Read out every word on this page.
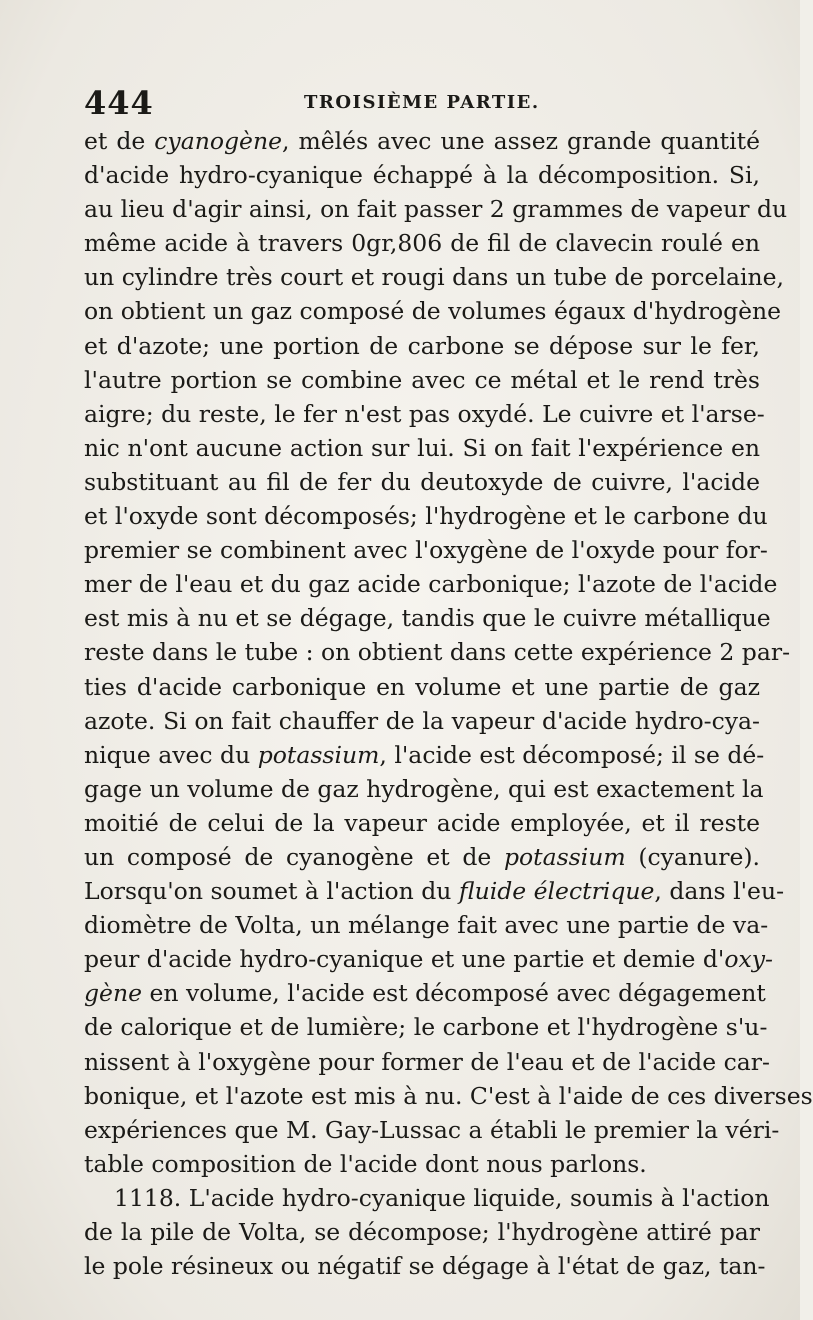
444	TROISIÈME PARTIE.
et de cyanogène, mêlés avec une assez grande quantité
d'acide hydro-cyanique échappé à la décomposition. Si,
au lieu d'agir ainsi, on fait passer 2 grammes de vapeur du
même acide à travers 0gr,806 de fil de clavecin roulé en
un cylindre très court et rougi dans un tube de porcelaine,
on obtient un gaz composé de volumes égaux d'hydrogène
et d'azote; une portion de carbone se dépose sur le fer,
l'autre portion se combine avec ce métal et le rend très
aigre; du reste, le fer n'est pas oxydé. Le cuivre et l'arse-
nic n'ont aucune action sur lui. Si on fait l'expérience en
substituant au fil de fer du deutoxyde de cuivre, l'acide
et l'oxyde sont décomposés; l'hydrogène et le carbone du
premier se combinent avec l'oxygène de l'oxyde pour for-
mer de l'eau et du gaz acide carbonique; l'azote de l'acide
est mis à nu et se dégage, tandis que le cuivre métallique
reste dans le tube : on obtient dans cette expérience 2 par-
ties d'acide carbonique en volume et une partie de gaz
azote. Si on fait chauffer de la vapeur d'acide hydro-cya-
nique avec du potassium, l'acide est décomposé; il se dé-
gage un volume de gaz hydrogène, qui est exactement la
moitié de celui de la vapeur acide employée, et il reste
un composé de cyanogène et de potassium (cyanure).
Lorsqu'on soumet à l'action du fluide électrique, dans l'eu-
diomètre de Volta, un mélange fait avec une partie de va-
peur d'acide hydro-cyanique et une partie et demie d'oxy-
gène en volume, l'acide est décomposé avec dégagement
de calorique et de lumière; le carbone et l'hydrogène s'u-
nissent à l'oxygène pour former de l'eau et de l'acide car-
bonique, et l'azote est mis à nu. C'est à l'aide de ces diverses
expériences que M. Gay-Lussac a établi le premier la véri-
table composition de l'acide dont nous parlons.
1118. L'acide hydro-cyanique liquide, soumis à l'action
de la pile de Volta, se décompose; l'hydrogène attiré par
le pole résineux ou négatif se dégage à l'état de gaz, tan-
